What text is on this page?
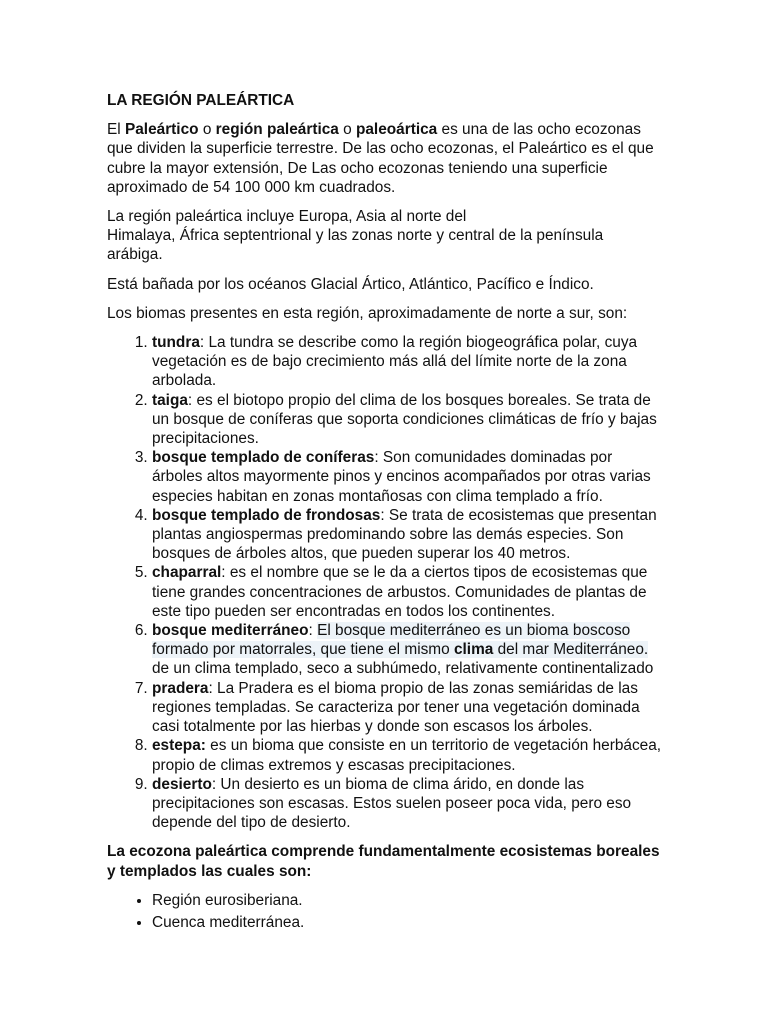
LA REGIÓN PALEÁRTICA

El Paleártico o región paleártica o paleoártica es una de las ocho ecozonas que dividen la superficie terrestre. De las ocho ecozonas, el Paleártico es el que cubre la mayor extensión, De Las ocho ecozonas teniendo una superficie aproximado de 54 100 000 km cuadrados.

La región paleártica incluye Europa, Asia al norte del
Himalaya, África septentrional y las zonas norte y central de la península arábiga.

Está bañada por los océanos Glacial Ártico, Atlántico, Pacífico e Índico.

Los biomas presentes en esta región, aproximadamente de norte a sur, son:

1. tundra: La tundra se describe como la región biogeográfica polar, cuya vegetación es de bajo crecimiento más allá del límite norte de la zona arbolada.
2. taiga: es el biotopo propio del clima de los bosques boreales. Se trata de un bosque de coníferas que soporta condiciones climáticas de frío y bajas precipitaciones.
3. bosque templado de coníferas: Son comunidades dominadas por árboles altos mayormente pinos y encinos acompañados por otras varias especies habitan en zonas montañosas con clima templado a frío.
4. bosque templado de frondosas: Se trata de ecosistemas que presentan plantas angiospermas predominando sobre las demás especies. Son bosques de árboles altos, que pueden superar los 40 metros.
5. chaparral: es el nombre que se le da a ciertos tipos de ecosistemas que tiene grandes concentraciones de arbustos. Comunidades de plantas de este tipo pueden ser encontradas en todos los continentes.
6. bosque mediterráneo: El bosque mediterráneo es un bioma boscoso formado por matorrales, que tiene el mismo clima del mar Mediterráneo. de un clima templado, seco a subhúmedo, relativamente continentalizado
7. pradera: La Pradera es el bioma propio de las zonas semiáridas de las regiones templadas. Se caracteriza por tener una vegetación dominada casi totalmente por las hierbas y donde son escasos los árboles.
8. estepa: es un bioma que consiste en un territorio de vegetación herbácea, propio de climas extremos y escasas precipitaciones.
9. desierto: Un desierto es un bioma de clima árido, en donde las precipitaciones son escasas. Estos suelen poseer poca vida, pero eso depende del tipo de desierto.

La ecozona paleártica comprende fundamentalmente ecosistemas boreales y templados las cuales son:

• Región eurosiberiana.
• Cuenca mediterránea.
